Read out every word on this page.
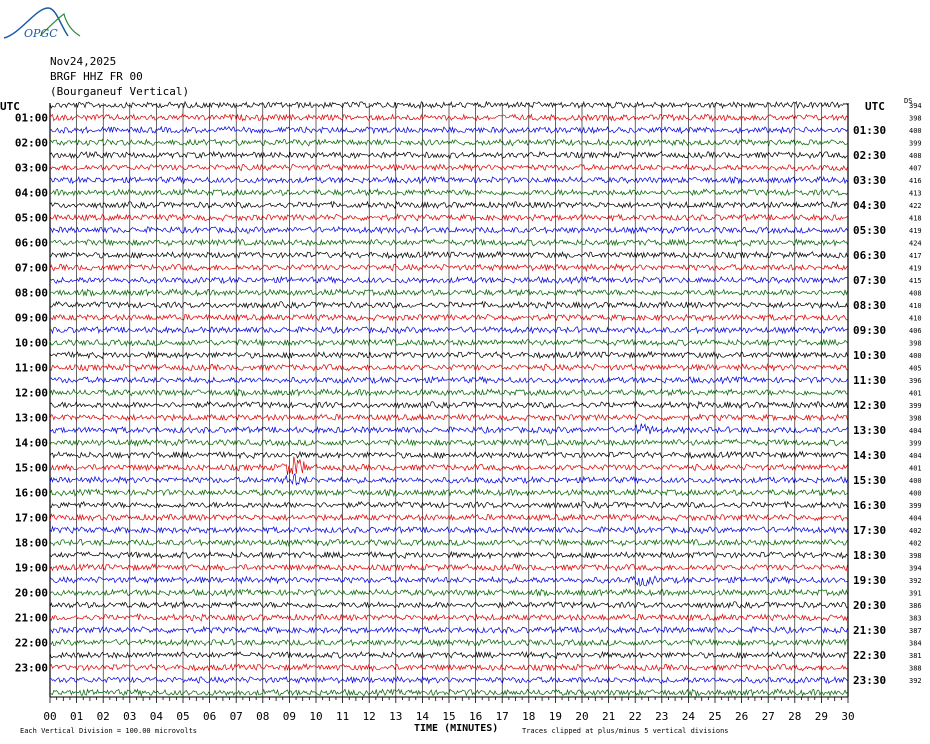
01:00
02:00
03:00
04:00
05:00
06:00
07:00
08:00
09:00
10:00
11:00
12:00
13:00
14:00
15:00
16:00
17:00
18:00
19:00
20:00
21:00
22:00
23:00
01:30
02:30
03:30
04:30
05:30
06:30
07:30
08:30
09:30
10:30
11:30
12:30
13:30
14:30
15:30
16:30
17:30
18:30
19:30
20:30
21:30
22:30
23:30
394
398
400
399
408
407
416
413
422
418
419
424
417
419
415
408
410
410
406
398
400
405
396
401
399
398
404
399
404
401
400
400
399
404
402
402
398
394
392
391
386
383
387
384
381
388
392
00 01 02 03 04 05 06 07 08 09 10 11 12 13 14 15 16 17 18 19 20 21 22 23 24 25 26 27 28 29 30
OPGC
Nov24,2025
BRGF HHZ FR 00
(Bourganeuf Vertical)
UTC	UTC	DS
TIME (MINUTES)
Each Vertical Division = 100.00 microvolts	Traces clipped at plus/minus 5 vertical divisions
